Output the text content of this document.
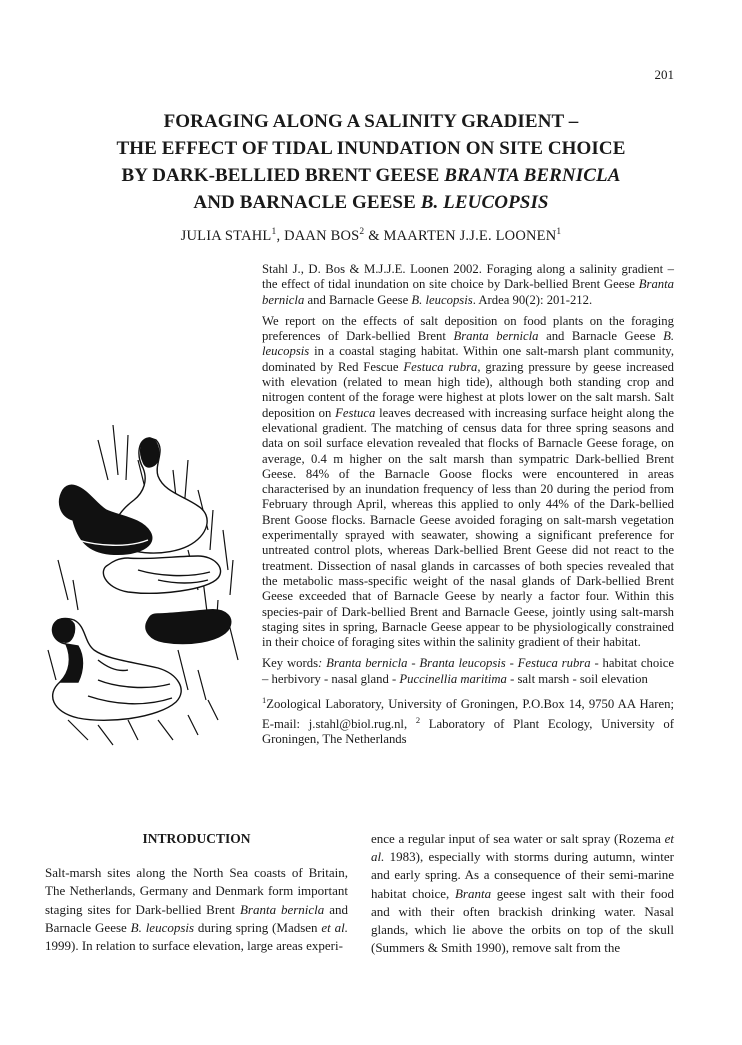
201
FORAGING ALONG A SALINITY GRADIENT –
THE EFFECT OF TIDAL INUNDATION ON SITE CHOICE
BY DARK-BELLIED BRENT GEESE BRANTA BERNICLA
AND BARNACLE GEESE B. LEUCOPSIS
JULIA STAHL$^1$, DAAN BOS$^2$ & MAARTEN J.J.E. LOONEN$^1$

Stahl J., D. Bos & M.J.J.E. Loonen 2002. Foraging along a salinity gradient – the effect of tidal inundation on site choice by Dark-bellied Brent Geese Branta bernicla and Barnacle Geese B. leucopsis. Ardea 90(2): 201-212.

We report on the effects of salt deposition on food plants on the foraging preferences of Dark-bellied Brent Branta bernicla and Barnacle Geese B. leucopsis in a coastal staging habitat. Within one salt-marsh plant community, dominated by Red Fescue Festuca rubra, grazing pressure by geese increased with elevation (related to mean high tide), although both standing crop and nitrogen content of the forage were highest at plots lower on the salt marsh. Salt deposition on Festuca leaves decreased with increasing surface height along the elevational gradient. The matching of census data for three spring seasons and data on soil surface elevation revealed that flocks of Barnacle Geese forage, on average, 0.4 m higher on the salt marsh than sympatric Dark-bellied Brent Geese. 84% of the Barnacle Goose flocks were encountered in areas characterised by an inundation frequency of less than 20 during the period from February through April, whereas this applied to only 44% of the Dark-bellied Brent Goose flocks. Barnacle Geese avoided foraging on salt-marsh vegetation experimentally sprayed with seawater, showing a significant preference for untreated control plots, whereas Dark-bellied Brent Geese did not react to the treatment. Dissection of nasal glands in carcasses of both species revealed that the metabolic mass-specific weight of the nasal glands of Dark-bellied Brent Geese exceeded that of Barnacle Geese by nearly a factor four. Within this species-pair of Dark-bellied Brent and Barnacle Geese, jointly using salt-marsh staging sites in spring, Barnacle Geese appear to be physiologically constrained in their choice of foraging sites within the salinity gradient of their habitat.

Key words: Branta bernicla - Branta leucopsis - Festuca rubra - habitat choice – herbivory - nasal gland - Puccinellia maritima - salt marsh - soil elevation

$^1$Zoological Laboratory, University of Groningen, P.O.Box 14, 9750 AA Haren; E-mail: j.stahl@biol.rug.nl, $^2$ Laboratory of Plant Ecology, University of Groningen, The Netherlands

INTRODUCTION

Salt-marsh sites along the North Sea coasts of Britain, The Netherlands, Germany and Denmark form important staging sites for Dark-bellied Brent Branta bernicla and Barnacle Geese B. leucopsis during spring (Madsen et al. 1999). In relation to surface elevation, large areas experi-

ence a regular input of sea water or salt spray (Rozema et al. 1983), especially with storms during autumn, winter and early spring. As a consequence of their semi-marine habitat choice, Branta geese ingest salt with their food and with their often brackish drinking water. Nasal glands, which lie above the orbits on top of the skull (Summers & Smith 1990), remove salt from the
